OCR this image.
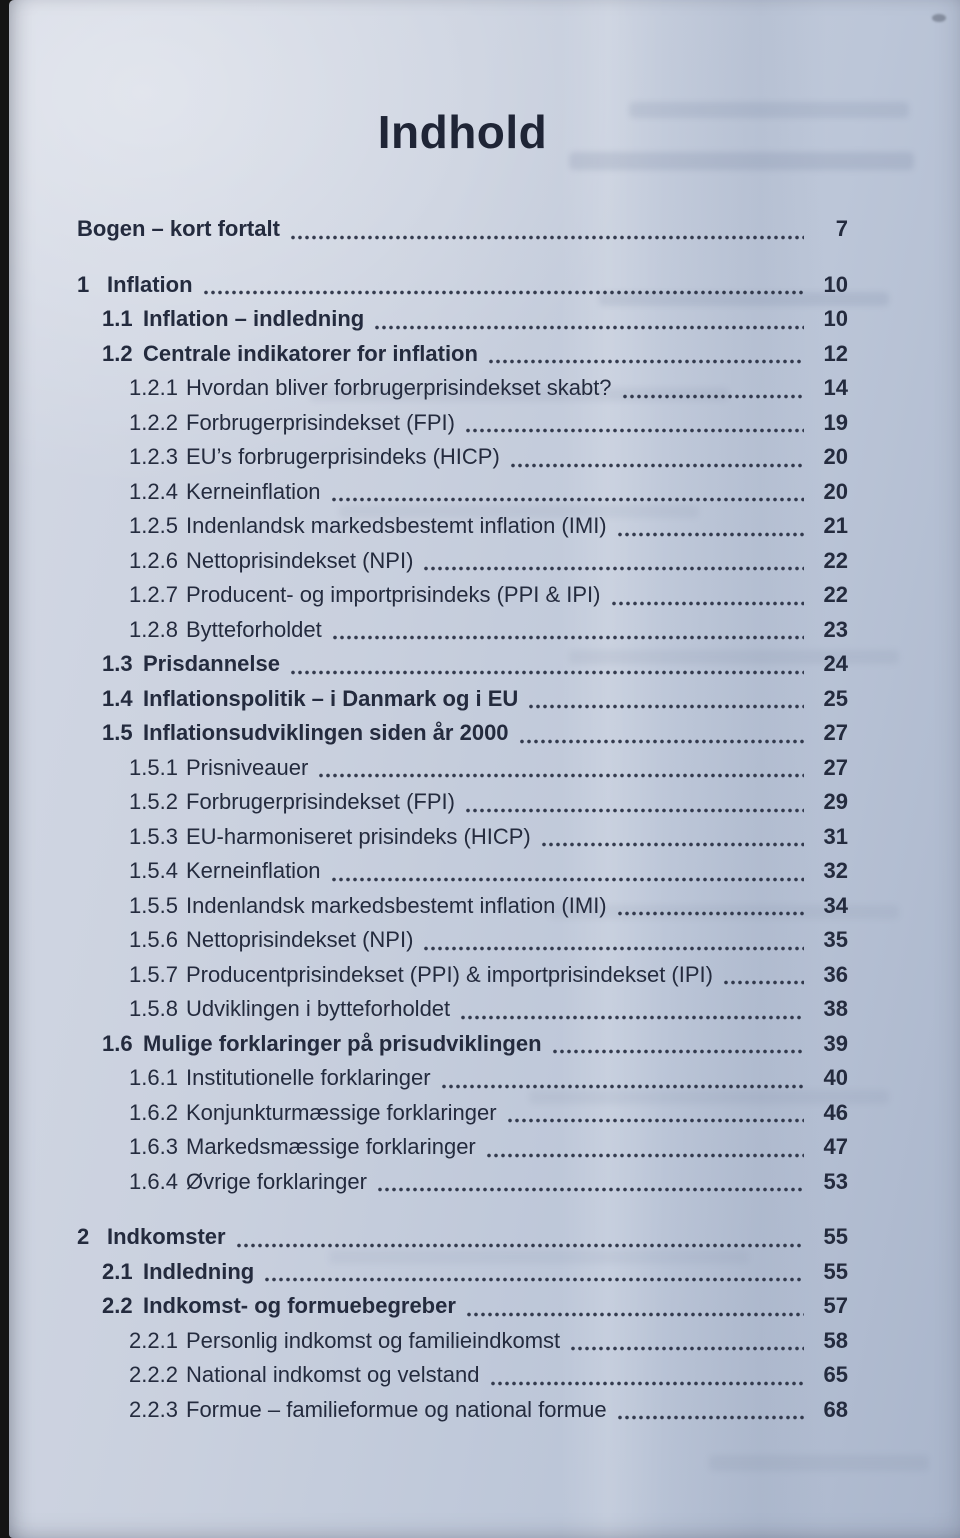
Indhold
Bogen – kort fortalt	7
1 Inflation	10
1.1 Inflation – indledning	10
1.2 Centrale indikatorer for inflation	12
1.2.1 Hvordan bliver forbrugerprisindekset skabt?	14
1.2.2 Forbrugerprisindekset (FPI)	19
1.2.3 EU’s forbrugerprisindeks (HICP)	20
1.2.4 Kerneinflation	20
1.2.5 Indenlandsk markedsbestemt inflation (IMI)	21
1.2.6 Nettoprisindekset (NPI)	22
1.2.7 Producent- og importprisindeks (PPI & IPI)	22
1.2.8 Bytteforholdet	23
1.3 Prisdannelse	24
1.4 Inflationspolitik – i Danmark og i EU	25
1.5 Inflationsudviklingen siden år 2000	27
1.5.1 Prisniveauer	27
1.5.2 Forbrugerprisindekset (FPI)	29
1.5.3 EU-harmoniseret prisindeks (HICP)	31
1.5.4 Kerneinflation	32
1.5.5 Indenlandsk markedsbestemt inflation (IMI)	34
1.5.6 Nettoprisindekset (NPI)	35
1.5.7 Producentprisindekset (PPI) & importprisindekset (IPI)	36
1.5.8 Udviklingen i bytteforholdet	38
1.6 Mulige forklaringer på prisudviklingen	39
1.6.1 Institutionelle forklaringer	40
1.6.2 Konjunkturmæssige forklaringer	46
1.6.3 Markedsmæssige forklaringer	47
1.6.4 Øvrige forklaringer	53
2 Indkomster	55
2.1 Indledning	55
2.2 Indkomst- og formuebegreber	57
2.2.1 Personlig indkomst og familieindkomst	58
2.2.2 National indkomst og velstand	65
2.2.3 Formue – familieformue og national formue	68
